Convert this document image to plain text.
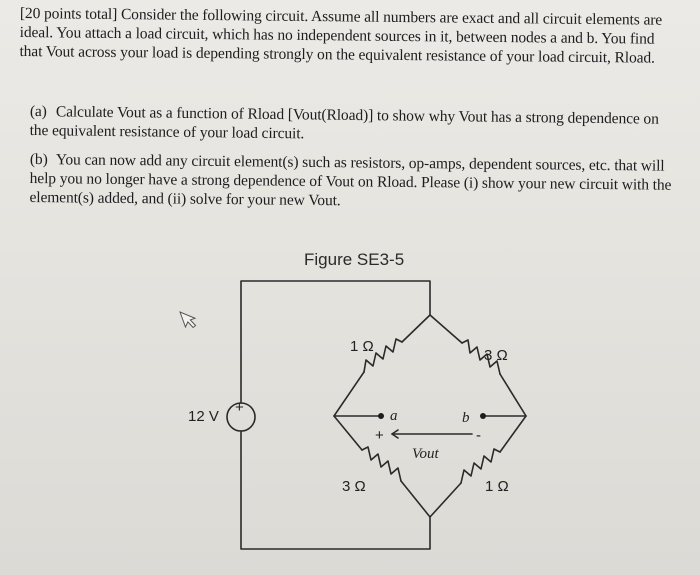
[20 points total] Consider the following circuit. Assume all numbers are exact and all circuit elements are ideal. You attach a load circuit, which has no independent sources in it, between nodes a and b. You find that Vout across your load is depending strongly on the equivalent resistance of your load circuit, Rload.

(a) Calculate Vout as a function of Rload [Vout(Rload)] to show why Vout has a strong dependence on the equivalent resistance of your load circuit.

(b) You can now add any circuit element(s) such as resistors, op-amps, dependent sources, etc. that will help you no longer have a strong dependence of Vout on Rload. Please (i) show your new circuit with the element(s) added, and (ii) solve for your new Vout.

Figure SE3-5
+
12 V
1 Ω
3 Ω
3 Ω	1 Ω
a	b
+	-
Vout
